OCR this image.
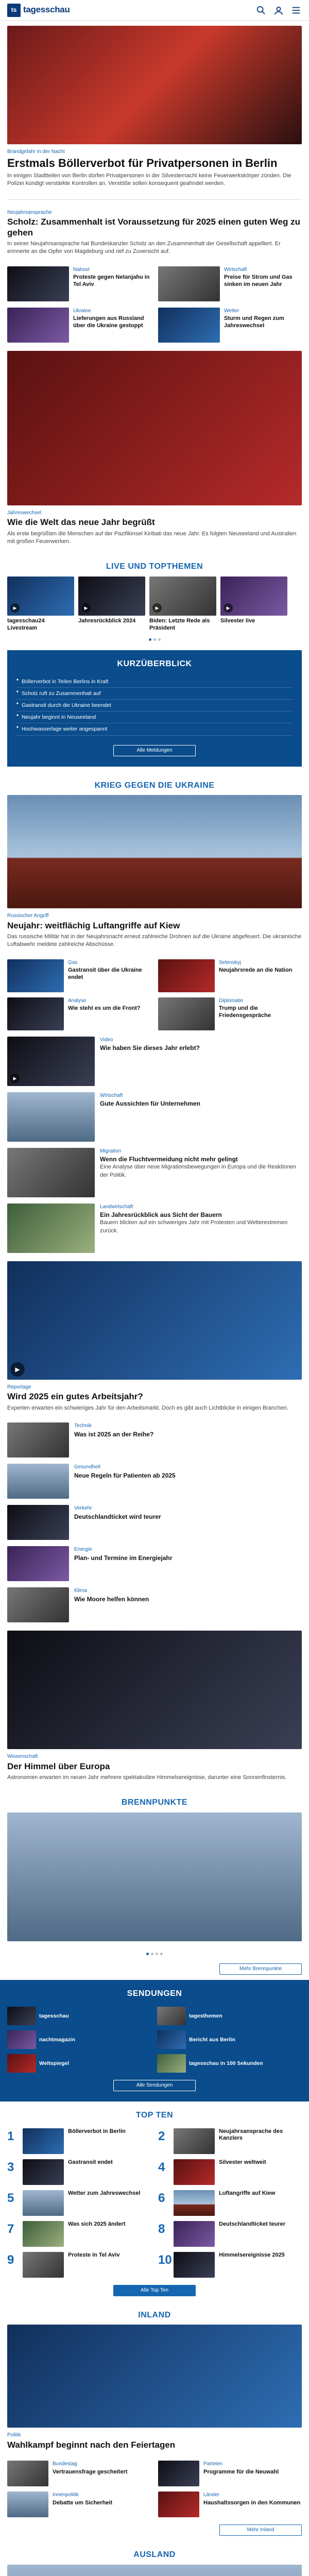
ts tagesschau
Brandgefahr in der Nacht
Erstmals Böllerverbot für Privatpersonen in Berlin

In einigen Stadtteilen von Berlin dürfen Privatpersonen in der Silvesternacht keine Feuerwerkskörper zünden. Die Polizei kündigt verstärkte Kontrollen an. Verstöße sollen konsequent geahndet werden.

Neujahrsansprache
Scholz: Zusammenhalt ist Voraussetzung für 2025 einen guten Weg zu gehen

In seiner Neujahrsansprache hat Bundeskanzler Scholz an den Zusammenhalt der Gesellschaft appelliert. Er erinnerte an die Opfer von Magdeburg und rief zu Zuversicht auf.

Nahost
Proteste gegen Netanjahu in Tel Aviv
Wirtschaft
Preise für Strom und Gas sinken im neuen Jahr
Ukraine
Lieferungen aus Russland über die Ukraine gestoppt
Wetter
Sturm und Regen zum Jahreswechsel
Jahreswechsel
Wie die Welt das neue Jahr begrüßt

Als erste begrüßten die Menschen auf der Pazifikinsel Kiribati das neue Jahr. Es folgten Neuseeland und Australien mit großen Feuerwerken.

LIVE UND TOPTHEMEN
▶
tagesschau24 Livestream
▶
Jahresrückblick 2024
▶
Biden: Letzte Rede als Präsident
▶
Silvester live
KURZÜBERBLICK
■ Böllerverbot in Teilen Berlins in Kraft
■ Scholz ruft zu Zusammenhalt auf
■ Gastransit durch die Ukraine beendet
■ Neujahr beginnt in Neuseeland
■ Hochwasserlage weiter angespannt
Alle Meldungen
KRIEG GEGEN DIE UKRAINE
Russischer Angriff
Neujahr: weitflächig Luftangriffe auf Kiew

Das russische Militär hat in der Neujahrsnacht erneut zahlreiche Drohnen auf die Ukraine abgefeuert. Die ukrainische Luftabwehr meldete zahlreiche Abschüsse.

Gas
Gastransit über die Ukraine endet
Selenskyj
Neujahrsrede an die Nation
Analyse
Wie steht es um die Front?
Diplomatie
Trump und die Friedensgespräche
▶
Video
Wie haben Sie dieses Jahr erlebt?
Wirtschaft
Gute Aussichten für Unternehmen
Migration
Wenn die Fluchtvermeidung nicht mehr gelingt

Eine Analyse über neue Migrationsbewegungen in Europa und die Reaktionen der Politik.

Landwirtschaft
Ein Jahresrückblick aus Sicht der Bauern

Bauern blicken auf ein schwieriges Jahr mit Protesten und Wetterextremen zurück.

▶
Reportage
Wird 2025 ein gutes Arbeitsjahr?

Experten erwarten ein schwieriges Jahr für den Arbeitsmarkt. Doch es gibt auch Lichtblicke in einigen Branchen.

Technik
Was ist 2025 an der Reihe?
Gesundheit
Neue Regeln für Patienten ab 2025
Verkehr
Deutschlandticket wird teurer
Energie
Plan- und Termine im Energiejahr
Klima
Wie Moore helfen können
Wissenschaft
Der Himmel über Europa

Astronomen erwarten im neuen Jahr mehrere spektakuläre Himmelsereignisse, darunter eine Sonnenfinsternis.

BRENNPUNKTE
Mehr Brennpunkte
SENDUNGEN
tagesschau	tagesthemen
nachtmagazin	Bericht aus Berlin
Weltspiegel	tagesschau in 100 Sekunden
Alle Sendungen
TOP TEN
1	Böllerverbot in Berlin	2	Neujahrsansprache des Kanzlers
3	Gastransit endet	4	Silvester weltweit
5	Wetter zum Jahreswechsel 6	Luftangriffe auf Kiew
7	Was sich 2025 ändert	8	Deutschlandticket teurer
9	Proteste in Tel Aviv	10	Himmelsereignisse 2025
Alle Top Ten
INLAND
Politik
Wahlkampf beginnt nach den Feiertagen
Bundestag
Vertrauensfrage gescheitert
Parteien
Programme für die Neuwahl
Innenpolitik
Debatte um Sicherheit
Länder
Haushaltssorgen in den Kommunen
Mehr Inland
AUSLAND
